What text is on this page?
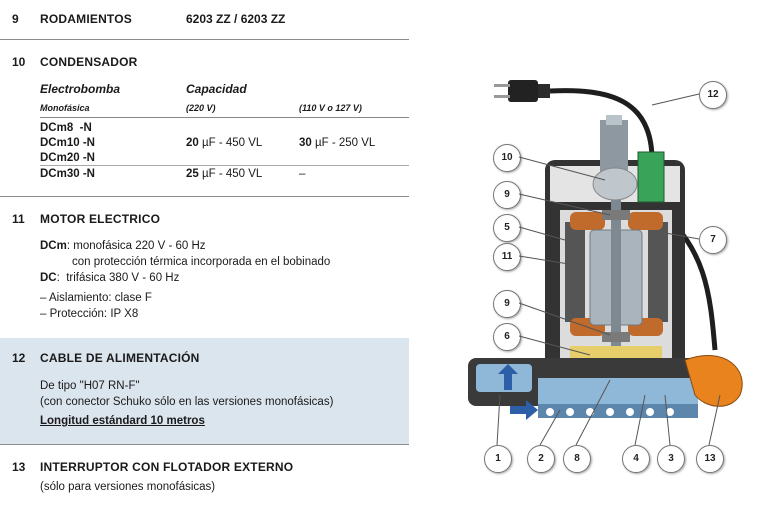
9 RODAMIENTOS	6203 ZZ / 6203 ZZ
10 CONDENSADOR
Electrobomba	Capacidad
Monofásica	(220 V)	(110 V o 127 V)
DCm8  -N
DCm10 -N	20 µF - 450 VL	30 µF - 250 VL
DCm20 -N
DCm30 -N	25 µF - 450 VL	–
11 MOTOR ELECTRICO
DCm: monofásica 220 V - 60 Hz
con protección térmica incorporada en el bobinado
DC:  trifásica 380 V - 60 Hz
– Aislamiento: clase F
– Protección: IP X8
12 CABLE DE ALIMENTACIÓN
De tipo "H07 RN-F"
(con conector Schuko sólo en las versiones monofásicas)
Longitud estándard 10 metros
13 INTERRUPTOR CON FLOTADOR EXTERNO
(sólo para versiones monofásicas)
12
10
9
5
11
7
9
6
1	2	8	4	3	13
